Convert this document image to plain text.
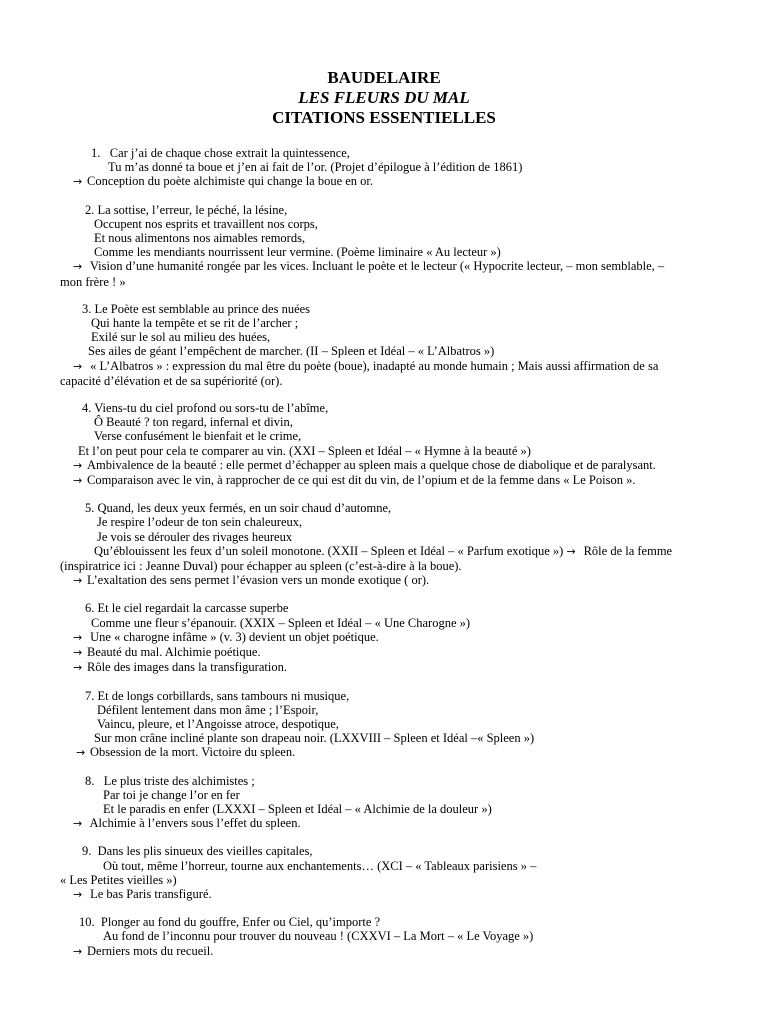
BAUDELAIRE
LES FLEURS DU MAL
CITATIONS ESSENTIELLES
1. Car j’ai de chaque chose extrait la quintessence,
Tu m’as donné ta boue et j’en ai fait de l’or. (Projet d’épilogue à l’édition de 1861)
→ Conception du poète alchimiste qui change la boue en or.
2. La sottise, l’erreur, le péché, la lésine,
Occupent nos esprits et travaillent nos corps,
Et nous alimentons nos aimables remords,
Comme les mendiants nourrissent leur vermine. (Poème liminaire « Au lecteur »)
→ Vision d’une humanité rongée par les vices. Incluant le poète et le lecteur (« Hypocrite lecteur, – mon semblable, –
mon frère ! »
3. Le Poète est semblable au prince des nuées
Qui hante la tempête et se rit de l’archer ;
Exilé sur le sol au milieu des huées,
Ses ailes de géant l’empêchent de marcher. (II – Spleen et Idéal – « L’Albatros »)
→ « L’Albatros » : expression du mal être du poète (boue), inadapté au monde humain ; Mais aussi affirmation de sa
capacité d’élévation et de sa supériorité (or).
4. Viens-tu du ciel profond ou sors-tu de l’abîme,
Ô Beauté ? ton regard, infernal et divin,
Verse confusément le bienfait et le crime,
Et l’on peut pour cela te comparer au vin. (XXI – Spleen et Idéal – « Hymne à la beauté »)
→ Ambivalence de la beauté : elle permet d’échapper au spleen mais a quelque chose de diabolique et de paralysant.
→ Comparaison avec le vin, à rapprocher de ce qui est dit du vin, de l’opium et de la femme dans « Le Poison ».
5. Quand, les deux yeux fermés, en un soir chaud d’automne,
Je respire l’odeur de ton sein chaleureux,
Je vois se dérouler des rivages heureux
Qu’éblouissent les feux d’un soleil monotone. (XXII – Spleen et Idéal – « Parfum exotique ») → Rôle de la femme
(inspiratrice ici : Jeanne Duval) pour échapper au spleen (c’est-à-dire à la boue).
→ L’exaltation des sens permet l’évasion vers un monde exotique ( or).
6. Et le ciel regardait la carcasse superbe
Comme une fleur s’épanouir. (XXIX – Spleen et Idéal – « Une Charogne »)
→ Une « charogne infâme » (v. 3) devient un objet poétique.
→ Beauté du mal. Alchimie poétique.
→ Rôle des images dans la transfiguration.
7. Et de longs corbillards, sans tambours ni musique,
Défilent lentement dans mon âme ; l’Espoir,
Vaincu, pleure, et l’Angoisse atroce, despotique,
Sur mon crâne incliné plante son drapeau noir. (LXXVIII – Spleen et Idéal –« Spleen »)
→ Obsession de la mort. Victoire du spleen.
8. Le plus triste des alchimistes ;
Par toi je change l’or en fer
Et le paradis en enfer (LXXXI – Spleen et Idéal – « Alchimie de la douleur »)
→ Alchimie à l’envers sous l’effet du spleen.
9. Dans les plis sinueux des vieilles capitales,
Où tout, même l’horreur, tourne aux enchantements… (XCI – « Tableaux parisiens » –
« Les Petites vieilles »)
→ Le bas Paris transfiguré.
10. Plonger au fond du gouffre, Enfer ou Ciel, qu’importe ?
Au fond de l’inconnu pour trouver du nouveau ! (CXXVI – La Mort – « Le Voyage »)
→ Derniers mots du recueil.
